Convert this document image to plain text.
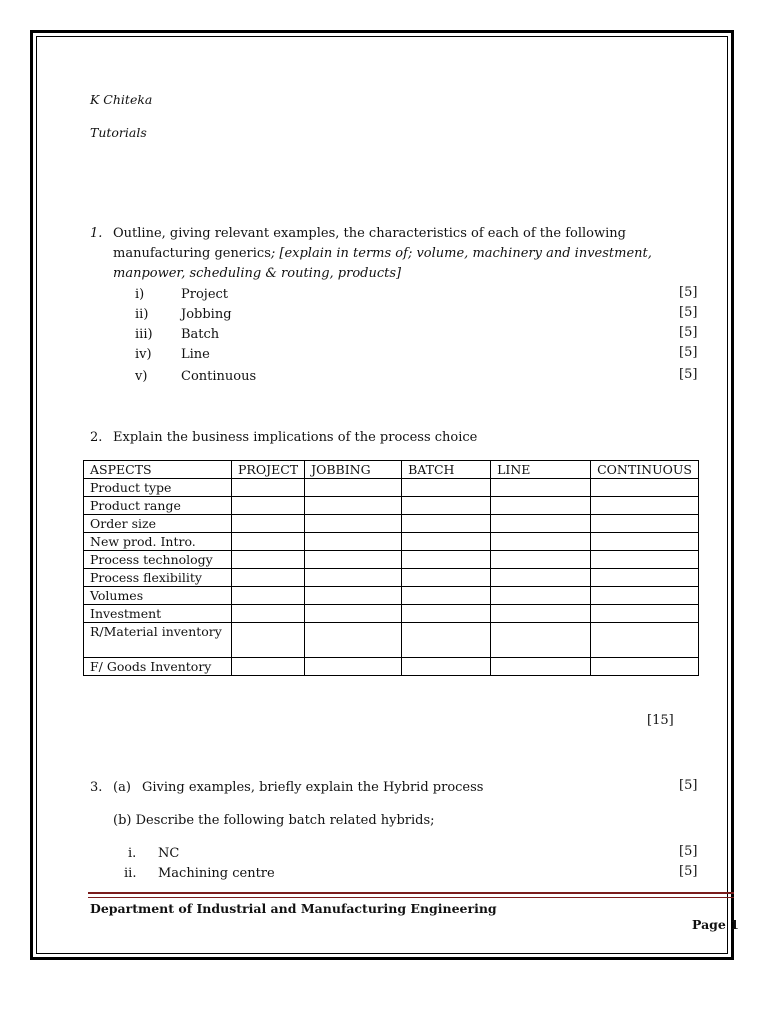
K Chiteka
Tutorials
1. Outline, giving relevant examples, the characteristics of each of the following manufacturing generics; [explain in terms of; volume, machinery and investment, manpower, scheduling & routing, products]
i)	Project	[5]
ii)	Jobbing	[5]
iii) Batch	[5]
iv) Line	[5]
v)	Continuous	[5]
2. Explain the business implications of the process choice
ASPECTS	PROJECT	JOBBING	BATCH	LINE	CONTINUOUS
Product type					
Product range					
Order size					
New prod. Intro.					
Process technology					
Process flexibility					
Volumes					
Investment					
R/Material inventory					
F/ Goods Inventory					
[15]
3. (a) Giving examples, briefly explain the Hybrid process	[5]
(b) Describe the following batch related hybrids;
i. NC	[5]
ii. Machining centre	[5]
Department of Industrial and Manufacturing Engineering
Page 1
